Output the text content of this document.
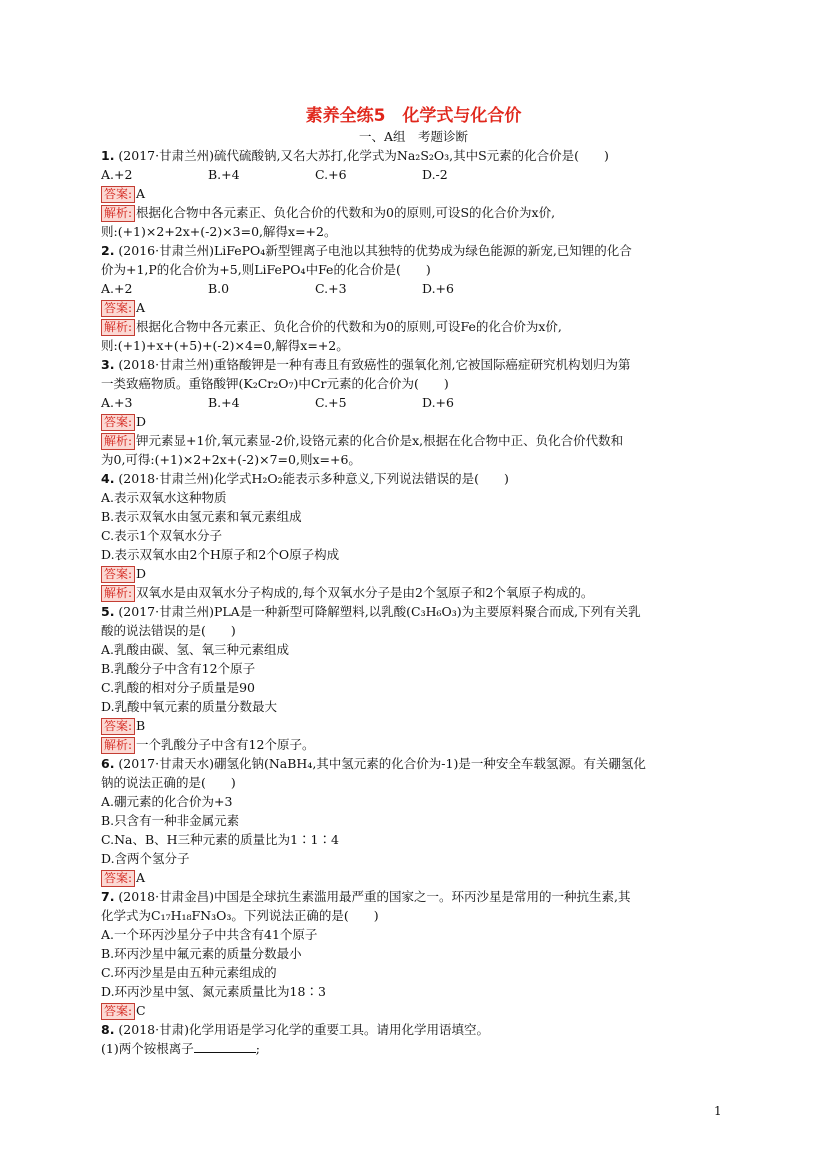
素养全练5　化学式与化合价
一、A组　考题诊断
1. (2017·甘肃兰州)硫代硫酸钠,又名大苏打,化学式为Na₂S₂O₃,其中S元素的化合价是(　　)
A.+2	B.+4	C.+6	D.-2
答案: A
解析: 根据化合物中各元素正、负化合价的代数和为0的原则,可设S的化合价为x价,
则:(+1)×2+2x+(-2)×3=0,解得x=+2。
2. (2016·甘肃兰州)LiFePO₄新型锂离子电池以其独特的优势成为绿色能源的新宠,已知锂的化合
价为+1,P的化合价为+5,则LiFePO₄中Fe的化合价是(　　)
A.+2	B.0	C.+3	D.+6
答案: A
解析: 根据化合物中各元素正、负化合价的代数和为0的原则,可设Fe的化合价为x价,
则:(+1)+x+(+5)+(-2)×4=0,解得x=+2。
3. (2018·甘肃兰州)重铬酸钾是一种有毒且有致癌性的强氧化剂,它被国际癌症研究机构划归为第
一类致癌物质。重铬酸钾(K₂Cr₂O₇)中Cr元素的化合价为(　　)
A.+3	B.+4	C.+5	D.+6
答案: D
解析: 钾元素显+1价,氧元素显-2价,设铬元素的化合价是x,根据在化合物中正、负化合价代数和
为0,可得:(+1)×2+2x+(-2)×7=0,则x=+6。
4. (2018·甘肃兰州)化学式H₂O₂能表示多种意义,下列说法错误的是(　　)
A.表示双氧水这种物质
B.表示双氧水由氢元素和氧元素组成
C.表示1个双氧水分子
D.表示双氧水由2个H原子和2个O原子构成
答案: D
解析: 双氧水是由双氧水分子构成的,每个双氧水分子是由2个氢原子和2个氧原子构成的。
5. (2017·甘肃兰州)PLA是一种新型可降解塑料,以乳酸(C₃H₆O₃)为主要原料聚合而成,下列有关乳
酸的说法错误的是(　　)
A.乳酸由碳、氢、氧三种元素组成
B.乳酸分子中含有12个原子
C.乳酸的相对分子质量是90
D.乳酸中氧元素的质量分数最大
答案: B
解析: 一个乳酸分子中含有12个原子。
6. (2017·甘肃天水)硼氢化钠(NaBH₄,其中氢元素的化合价为-1)是一种安全车载氢源。有关硼氢化
钠的说法正确的是(　　)
A.硼元素的化合价为+3
B.只含有一种非金属元素
C.Na、B、H三种元素的质量比为1∶1∶4
D.含两个氢分子
答案: A
7. (2018·甘肃金昌)中国是全球抗生素滥用最严重的国家之一。环丙沙星是常用的一种抗生素,其
化学式为C₁₇H₁₈FN₃O₃。下列说法正确的是(　　)
A.一个环丙沙星分子中共含有41个原子
B.环丙沙星中氟元素的质量分数最小
C.环丙沙星是由五种元素组成的
D.环丙沙星中氢、氮元素质量比为18∶3
答案: C
8. (2018·甘肃)化学用语是学习化学的重要工具。请用化学用语填空。
(1)两个铵根离子	;
1
